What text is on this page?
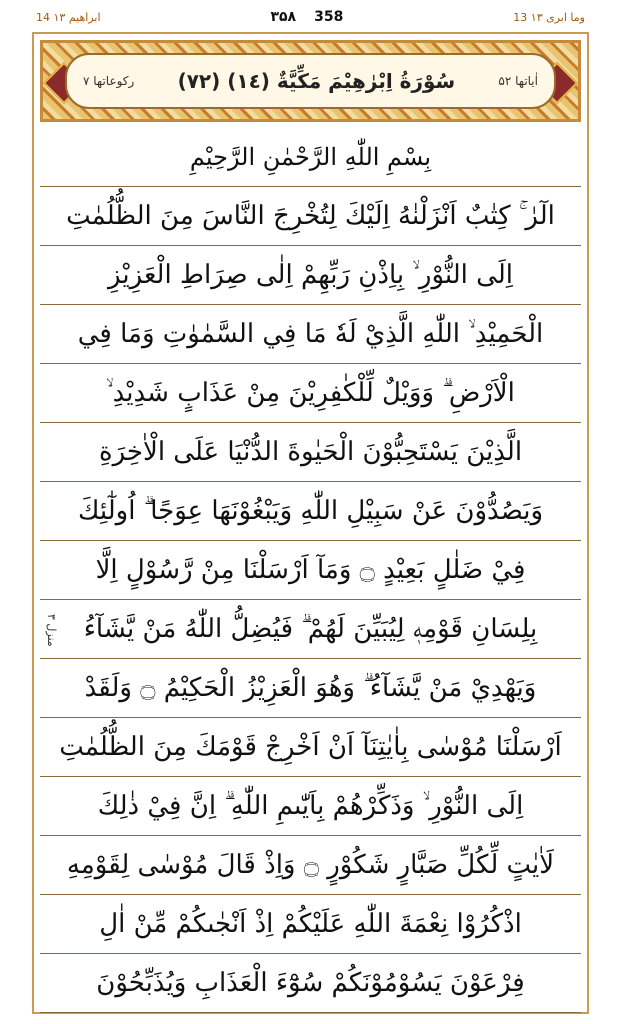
14 ابراھیم ۱۳	۳۵۸ 358	13 وما ابری ۱۳
رکوعاتها ۷ سُوْرَةُ اِبْرٰهِيْمَ مَكِّيَّةٌ (١٤) (٧٢)	اٰياتها ۵۲
منزل ۳
بِسْمِ اللّٰهِ الرَّحْمٰنِ الرَّحِيْمِ
الٓرٰ ۚ كِتٰبٌ اَنْزَلْنٰهُ اِلَيْكَ لِتُخْرِجَ النَّاسَ مِنَ الظُّلُمٰتِ
اِلَى النُّوْرِ ۙ بِاِذْنِ رَبِّهِمْ اِلٰى صِرَاطِ الْعَزِيْزِ
الْحَمِيْدِ ۙ اللّٰهِ الَّذِيْ لَهٗ مَا فِي السَّمٰوٰتِ وَمَا فِي
الْاَرْضِ ۗ وَوَيْلٌ لِّلْكٰفِرِيْنَ مِنْ عَذَابٍ شَدِيْدِ ۙ
الَّذِيْنَ يَسْتَحِبُّوْنَ الْحَيٰوةَ الدُّنْيَا عَلَى الْاٰخِرَةِ
وَيَصُدُّوْنَ عَنْ سَبِيْلِ اللّٰهِ وَيَبْغُوْنَهَا عِوَجًا ۗ اُولٰٓئِكَ
فِيْ ضَلٰلٍ بَعِيْدٍ ۝ وَمَآ اَرْسَلْنَا مِنْ رَّسُوْلٍ اِلَّا
بِلِسَانِ قَوْمِهٖ لِيُبَيِّنَ لَهُمْ ۗ فَيُضِلُّ اللّٰهُ مَنْ يَّشَآءُ
وَيَهْدِيْ مَنْ يَّشَآءُ ۗ وَهُوَ الْعَزِيْزُ الْحَكِيْمُ ۝ وَلَقَدْ
اَرْسَلْنَا مُوْسٰى بِاٰيٰتِنَآ اَنْ اَخْرِجْ قَوْمَكَ مِنَ الظُّلُمٰتِ
اِلَى النُّوْرِ ۙ وَذَكِّرْهُمْ بِاَيّٰىمِ اللّٰهِ ۗ اِنَّ فِيْ ذٰلِكَ
لَاٰيٰتٍ لِّكُلِّ صَبَّارٍ شَكُوْرٍ ۝ وَاِذْ قَالَ مُوْسٰى لِقَوْمِهِ
اذْكُرُوْا نِعْمَةَ اللّٰهِ عَلَيْكُمْ اِذْ اَنْجٰىكُمْ مِّنْ اٰلِ
فِرْعَوْنَ يَسُوْمُوْنَكُمْ سُوْٓءَ الْعَذَابِ وَيُذَبِّحُوْنَ
